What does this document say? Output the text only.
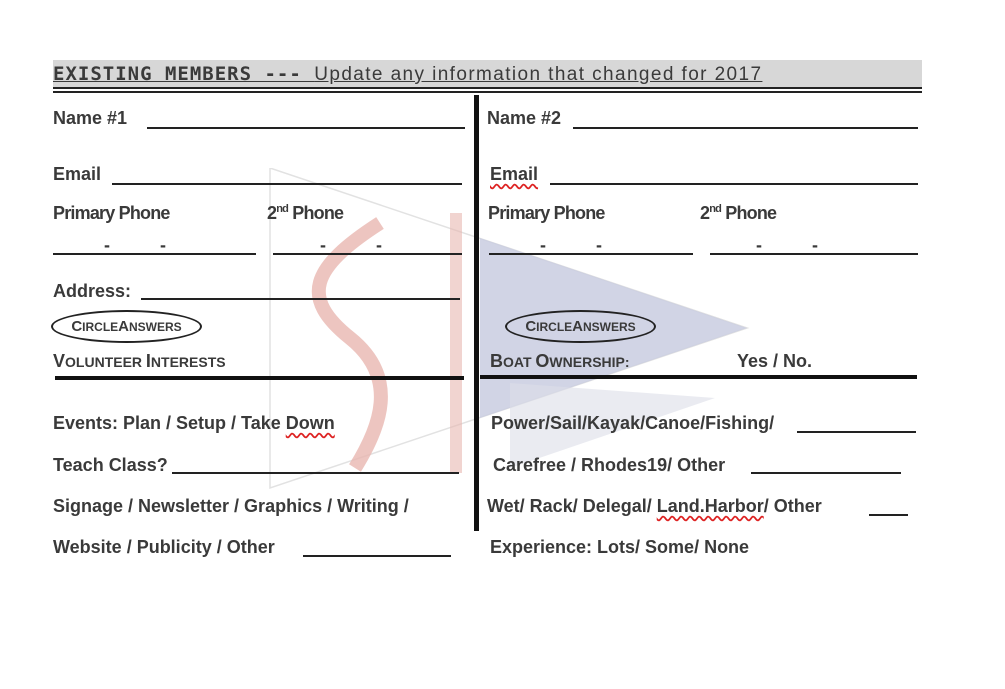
EXISTING MEMBERS --- Update any information that changed for 2017
Name #1
Email
Primary Phone	2nd Phone
-	-	-	-
Address:
C IRCLE A NSWERS
VOLUNTEER INTERESTS
Events: Plan / Setup / Take Down
Teach Class?
Signage / Newsletter / Graphics / Writing /
Website / Publicity / Other
Name #2
Email
Primary Phone	2nd Phone
-	-	-	-
C IRCLE A NSWERS
BOAT OWNERSHIP:	Yes / No.
Power/Sail/Kayak/Canoe/Fishing/
Carefree / Rhodes19/ Other
Wet/ Rack/ Delegal/ Land.Harbor/ Other
Experience: Lots/ Some/ None
